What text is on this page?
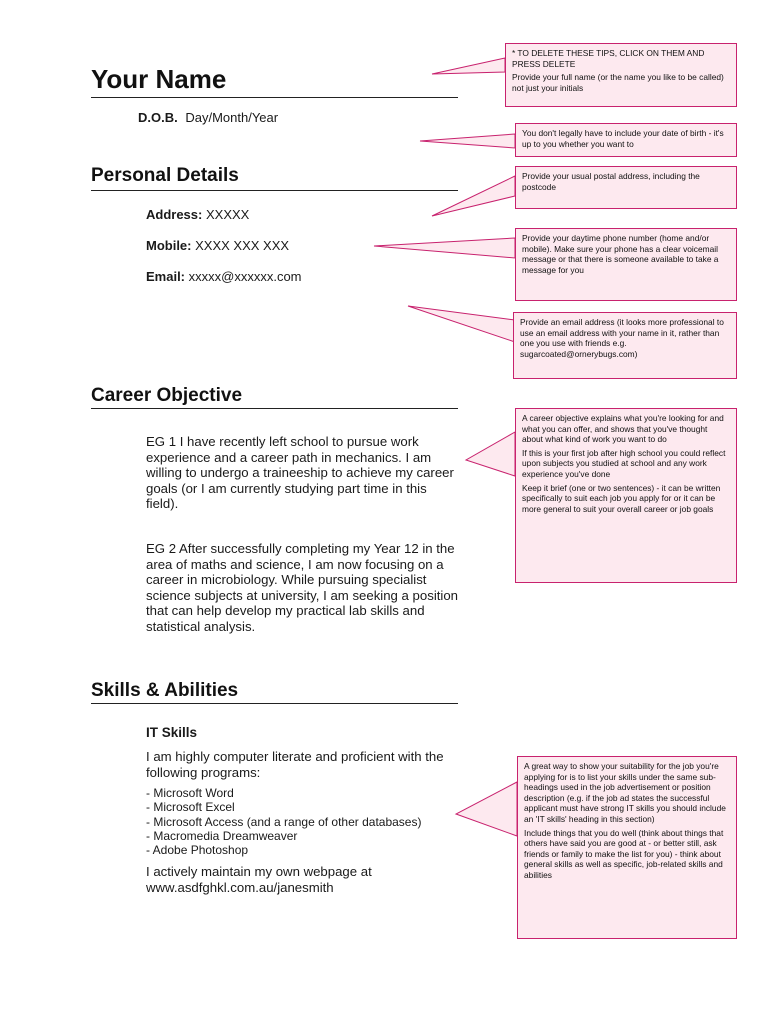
* TO DELETE THESE TIPS, CLICK ON THEM AND PRESS DELETE

Provide your full name (or the name you like to be called) not just your initials

You don't legally have to include your date of birth - it's up to you whether you want to

Provide your usual postal address, including the postcode

Provide your daytime phone number (home and/or mobile). Make sure your phone has a clear voicemail message or that there is someone available to take a message for you

Provide an email address (it looks more professional to use an email address with your name in it, rather than one you use with friends e.g. sugarcoated@ornerybugs.com)

A career objective explains what you're looking for and what you can offer, and shows that you've thought about what kind of work you want to do

If this is your first job after high school you could reflect upon subjects you studied at school and any work experience you've done

Keep it brief (one or two sentences) - it can be written specifically to suit each job you apply for or it can be more general to suit your overall career or job goals

A great way to show your suitability for the job you're applying for is to list your skills under the same sub-headings used in the job advertisement or position description (e.g. if the job ad states the successful applicant must have strong IT skills you should include an 'IT skills' heading in this section)

Include things that you do well (think about things that others have said you are good at - or better still, ask friends or family to make the list for you) - think about general skills as well as specific, job-related skills and abilities

Your Name
D.O.B. Day/Month/Year
Personal Details
Address: XXXXX
Mobile: XXXX XXX XXX
Email: xxxxx@xxxxxx.com
Career Objective
EG 1 I have recently left school to pursue work experience and a career path in mechanics. I am willing to undergo a traineeship to achieve my career goals (or I am currently studying part time in this field).
EG 2 After successfully completing my Year 12 in the area of maths and science, I am now focusing on a career in microbiology. While pursuing specialist science subjects at university, I am seeking a position that can help develop my practical lab skills and statistical analysis.
Skills & Abilities
IT Skills
I am highly computer literate and proficient with the following programs:
- Microsoft Word
- Microsoft Excel
- Microsoft Access (and a range of other databases)
- Macromedia Dreamweaver
- Adobe Photoshop
I actively maintain my own webpage at www.asdfghkl.com.au/janesmith
